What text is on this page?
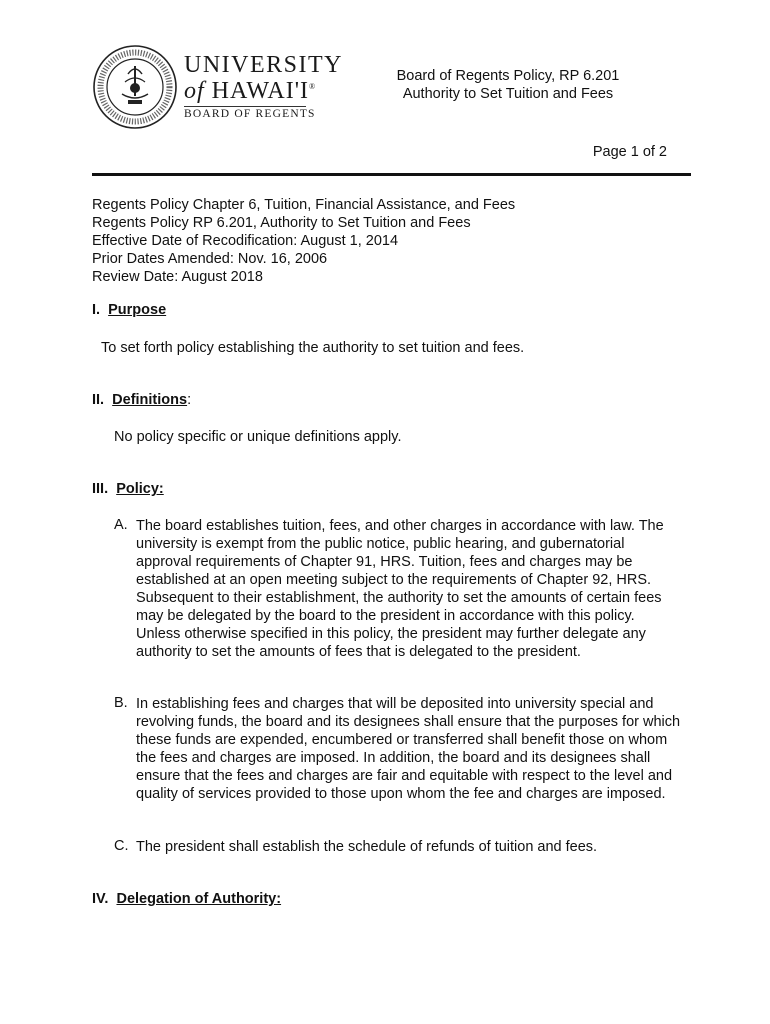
UNIVERSITY
of HAWAI'I®
BOARD OF REGENTS
Board of Regents Policy, RP 6.201
Authority to Set Tuition and Fees
Page 1 of 2
Regents Policy Chapter 6, Tuition, Financial Assistance, and Fees
Regents Policy RP 6.201, Authority to Set Tuition and Fees
Effective Date of Recodification: August 1, 2014
Prior Dates Amended: Nov. 16, 2006
Review Date: August 2018
I. Purpose
To set forth policy establishing the authority to set tuition and fees.
II. Definitions:
No policy specific or unique definitions apply.
III. Policy:
A. The board establishes tuition, fees, and other charges in accordance with law. The university is exempt from the public notice, public hearing, and gubernatorial approval requirements of Chapter 91, HRS. Tuition, fees and charges may be established at an open meeting subject to the requirements of Chapter 92, HRS. Subsequent to their establishment, the authority to set the amounts of certain fees may be delegated by the board to the president in accordance with this policy. Unless otherwise specified in this policy, the president may further delegate any authority to set the amounts of fees that is delegated to the president.
B. In establishing fees and charges that will be deposited into university special and revolving funds, the board and its designees shall ensure that the purposes for which these funds are expended, encumbered or transferred shall benefit those on whom the fees and charges are imposed. In addition, the board and its designees shall ensure that the fees and charges are fair and equitable with respect to the level and quality of services provided to those upon whom the fee and charges are imposed.
C. The president shall establish the schedule of refunds of tuition and fees.
IV. Delegation of Authority:
